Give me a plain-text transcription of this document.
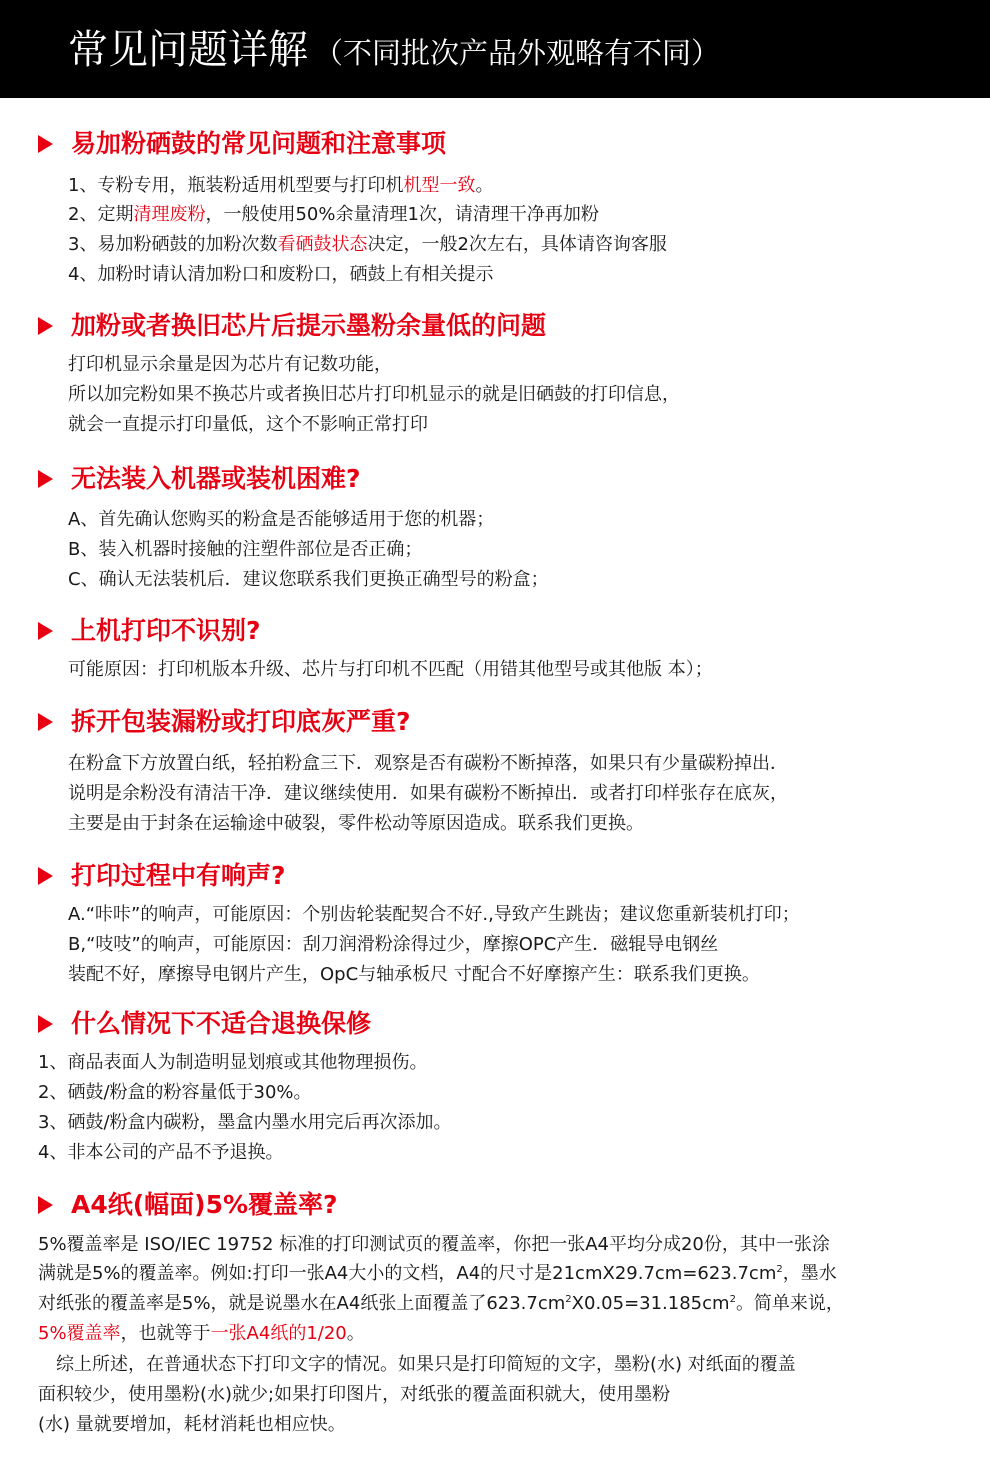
常见问题详解 （不同批次产品外观略有不同）
易加粉硒鼓的常见问题和注意事项
1、专粉专用，瓶装粉适用机型要与打印机机型一致。
2、定期清理废粉，一般使用50%余量清理1次，请清理干净再加粉
3、易加粉硒鼓的加粉次数看硒鼓状态决定，一般2次左右，具体请咨询客服
4、加粉时请认清加粉口和废粉口，硒鼓上有相关提示
加粉或者换旧芯片后提示墨粉余量低的问题
打印机显示余量是因为芯片有记数功能，
所以加完粉如果不换芯片或者换旧芯片打印机显示的就是旧硒鼓的打印信息，
就会一直提示打印量低，这个不影响正常打印
无法装入机器或装机困难?
A、首先确认您购买的粉盒是否能够适用于您的机器；
B、装入机器时接触的注塑件部位是否正确；
C、确认无法装机后．建议您联系我们更换正确型号的粉盒；
上机打印不识别?
可能原因：打印机版本升级、芯片与打印机不匹配（用错其他型号或其他版 本）；
拆开包装漏粉或打印底灰严重?
在粉盒下方放置白纸，轻拍粉盒三下．观察是否有碳粉不断掉落，如果只有少量碳粉掉出．
说明是余粉没有清洁干净．建议继续使用．如果有碳粉不断掉出．或者打印样张存在底灰，
主要是由于封条在运输途中破裂，零件松动等原因造成。联系我们更换。
打印过程中有响声?
A.“咔咔”的响声，可能原因：个别齿轮装配契合不好.,导致产生跳齿；建议您重新装机打印；
B,“吱吱”的响声，可能原因：刮刀润滑粉涂得过少，摩擦OPC产生．磁辊导电钢丝
装配不好，摩擦导电钢片产生，OpC与轴承板尺 寸配合不好摩擦产生：联系我们更换。
什么情况下不适合退换保修
1、商品表面人为制造明显划痕或其他物理损伤。
2、硒鼓/粉盒的粉容量低于30%。
3、硒鼓/粉盒内碳粉，墨盒内墨水用完后再次添加。
4、非本公司的产品不予退换。
A4纸(幅面)5%覆盖率?
5%覆盖率是 ISO/IEC 19752 标准的打印测试页的覆盖率，你把一张A4平均分成20份，其中一张涂
满就是5%的覆盖率。例如:打印一张A4大小的文档，A4的尺寸是$21cmX29.7cm=623.7cm^2$，墨水
对纸张的覆盖率是5%，就是说墨水在A4纸张上面覆盖了$623.7cm^2X0.05=31.185cm^2$。简单来说，
5%覆盖率，也就等于一张A4纸的1/20。
　综上所述，在普通状态下打印文字的情况。如果只是打印简短的文字，墨粉(水) 对纸面的覆盖
面积较少，使用墨粉(水)就少;如果打印图片，对纸张的覆盖面积就大，使用墨粉
(水) 量就要增加，耗材消耗也相应快。
